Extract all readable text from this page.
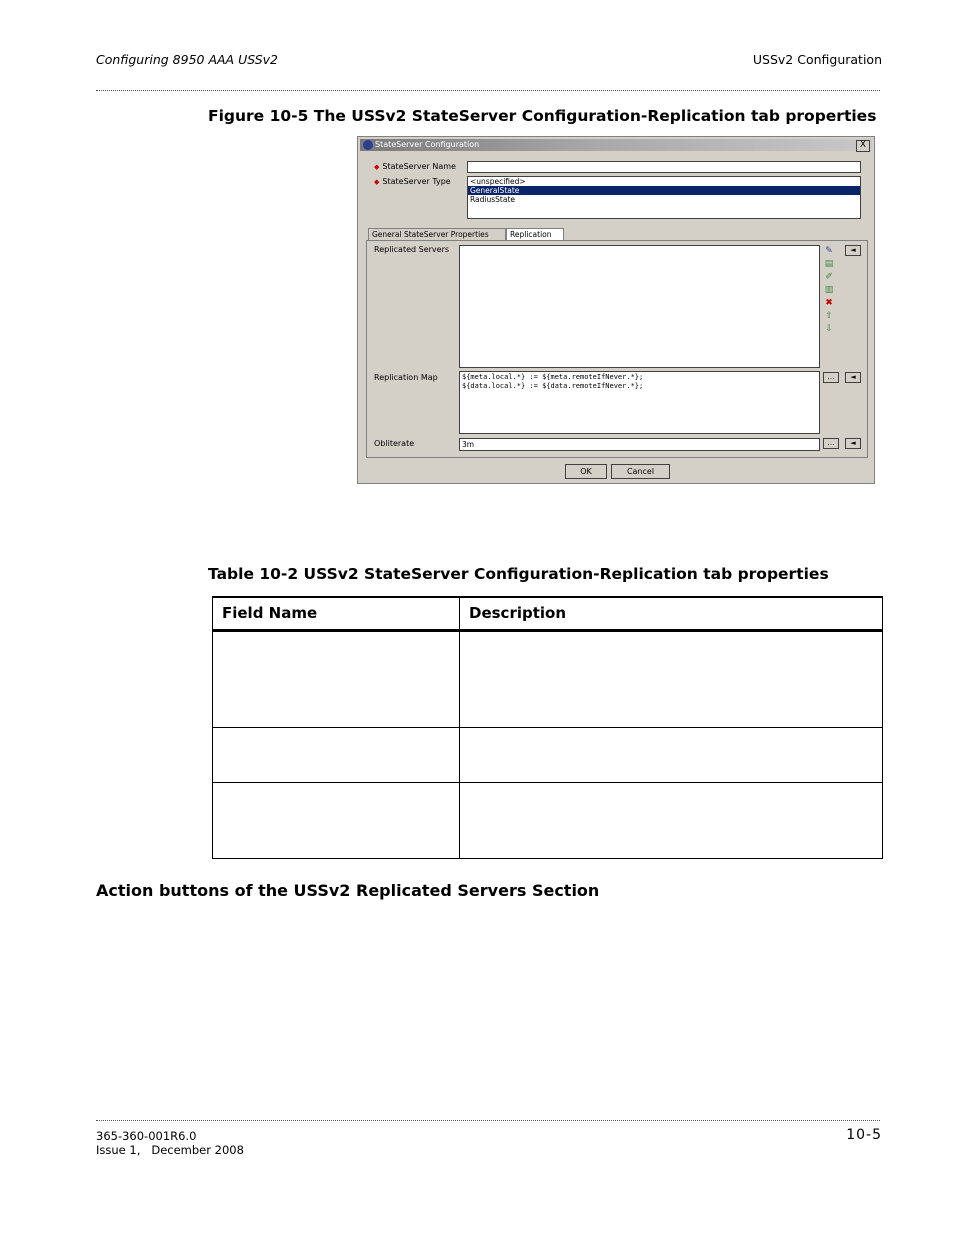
Configuring 8950 AAA USSv2	USSv2 Configuration
Figure 10-5 The USSv2 StateServer Configuration-Replication tab properties
StateServer Configuration	X
◆ StateServer Name
◆ StateServer Type	<unspecified>
GeneralState
RadiusState
General StateServer Properties	Replication
Replicated Servers	✎
▤
✐
▥
✖
⇧
⇩
◄
Replication Map	${meta.local.*} := ${meta.remoteIfNever.*};
${data.local.*} := ${data.remoteIfNever.*};
...	◄
Obliterate	3m	...	◄
OK	Cancel
Table 10-2 USSv2 StateServer Configuration-Replication tab properties
Field Name	Description

Action buttons of the USSv2 Replicated Servers Section
365-360-001R6.0
Issue 1,   December 2008
10-5
